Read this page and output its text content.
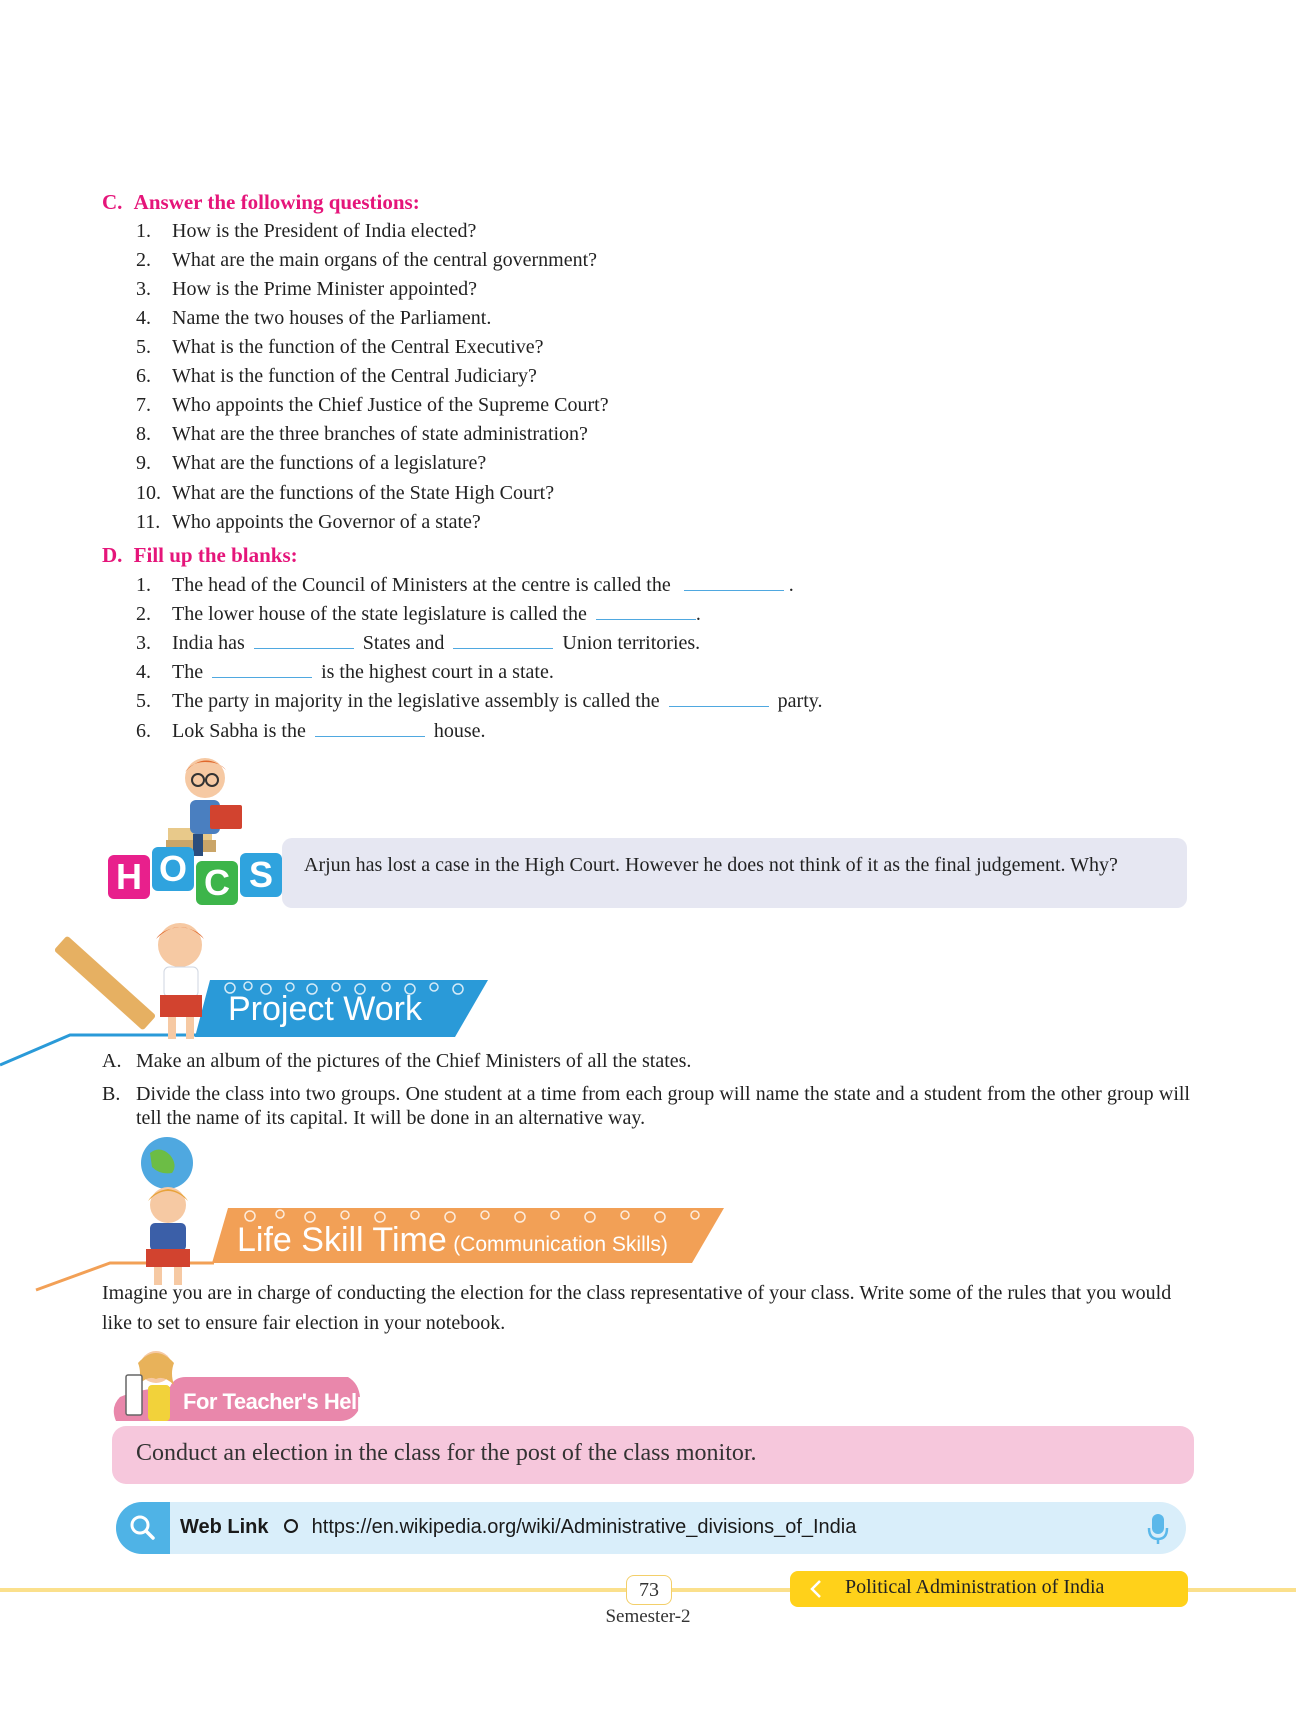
C. Answer the following questions:
1. How is the President of India elected?
2. What are the main organs of the central government?
3. How is the Prime Minister appointed?
4. Name the two houses of the Parliament.
5. What is the function of the Central Executive?
6. What is the function of the Central Judiciary?
7. Who appoints the Chief Justice of the Supreme Court?
8. What are the three branches of state administration?
9. What are the functions of a legislature?
10. What are the functions of the State High Court?
11. Who appoints the Governor of a state?
D. Fill up the blanks:
1. The head of the Council of Ministers at the centre is called the	.
2. The lower house of the state legislature is called the	.
3. India has	States and	Union territories.
4. The	is the highest court in a state.
5. The party in majority in the legislative assembly is called the	party.
6. Lok Sabha is the	house.
Arjun has lost a case in the High Court. However he does not think of it as the final judgement. Why?
H O C S
Project Work
A. Make an album of the pictures of the Chief Ministers of all the states.
B. Divide the class into two groups. One student at a time from each group will name the state and a student from the other group will tell the name of its capital. It will be done in an alternative way.
Life Skill Time (Communication Skills)
Imagine you are in charge of conducting the election for the class representative of your class. Write some of the rules that you would like to set to ensure fair election in your notebook.
For Teacher's Help
Conduct an election in the class for the post of the class monitor.
Web Link https://en.wikipedia.org/wiki/Administrative_divisions_of_India
73
Semester-2
Political Administration of India
